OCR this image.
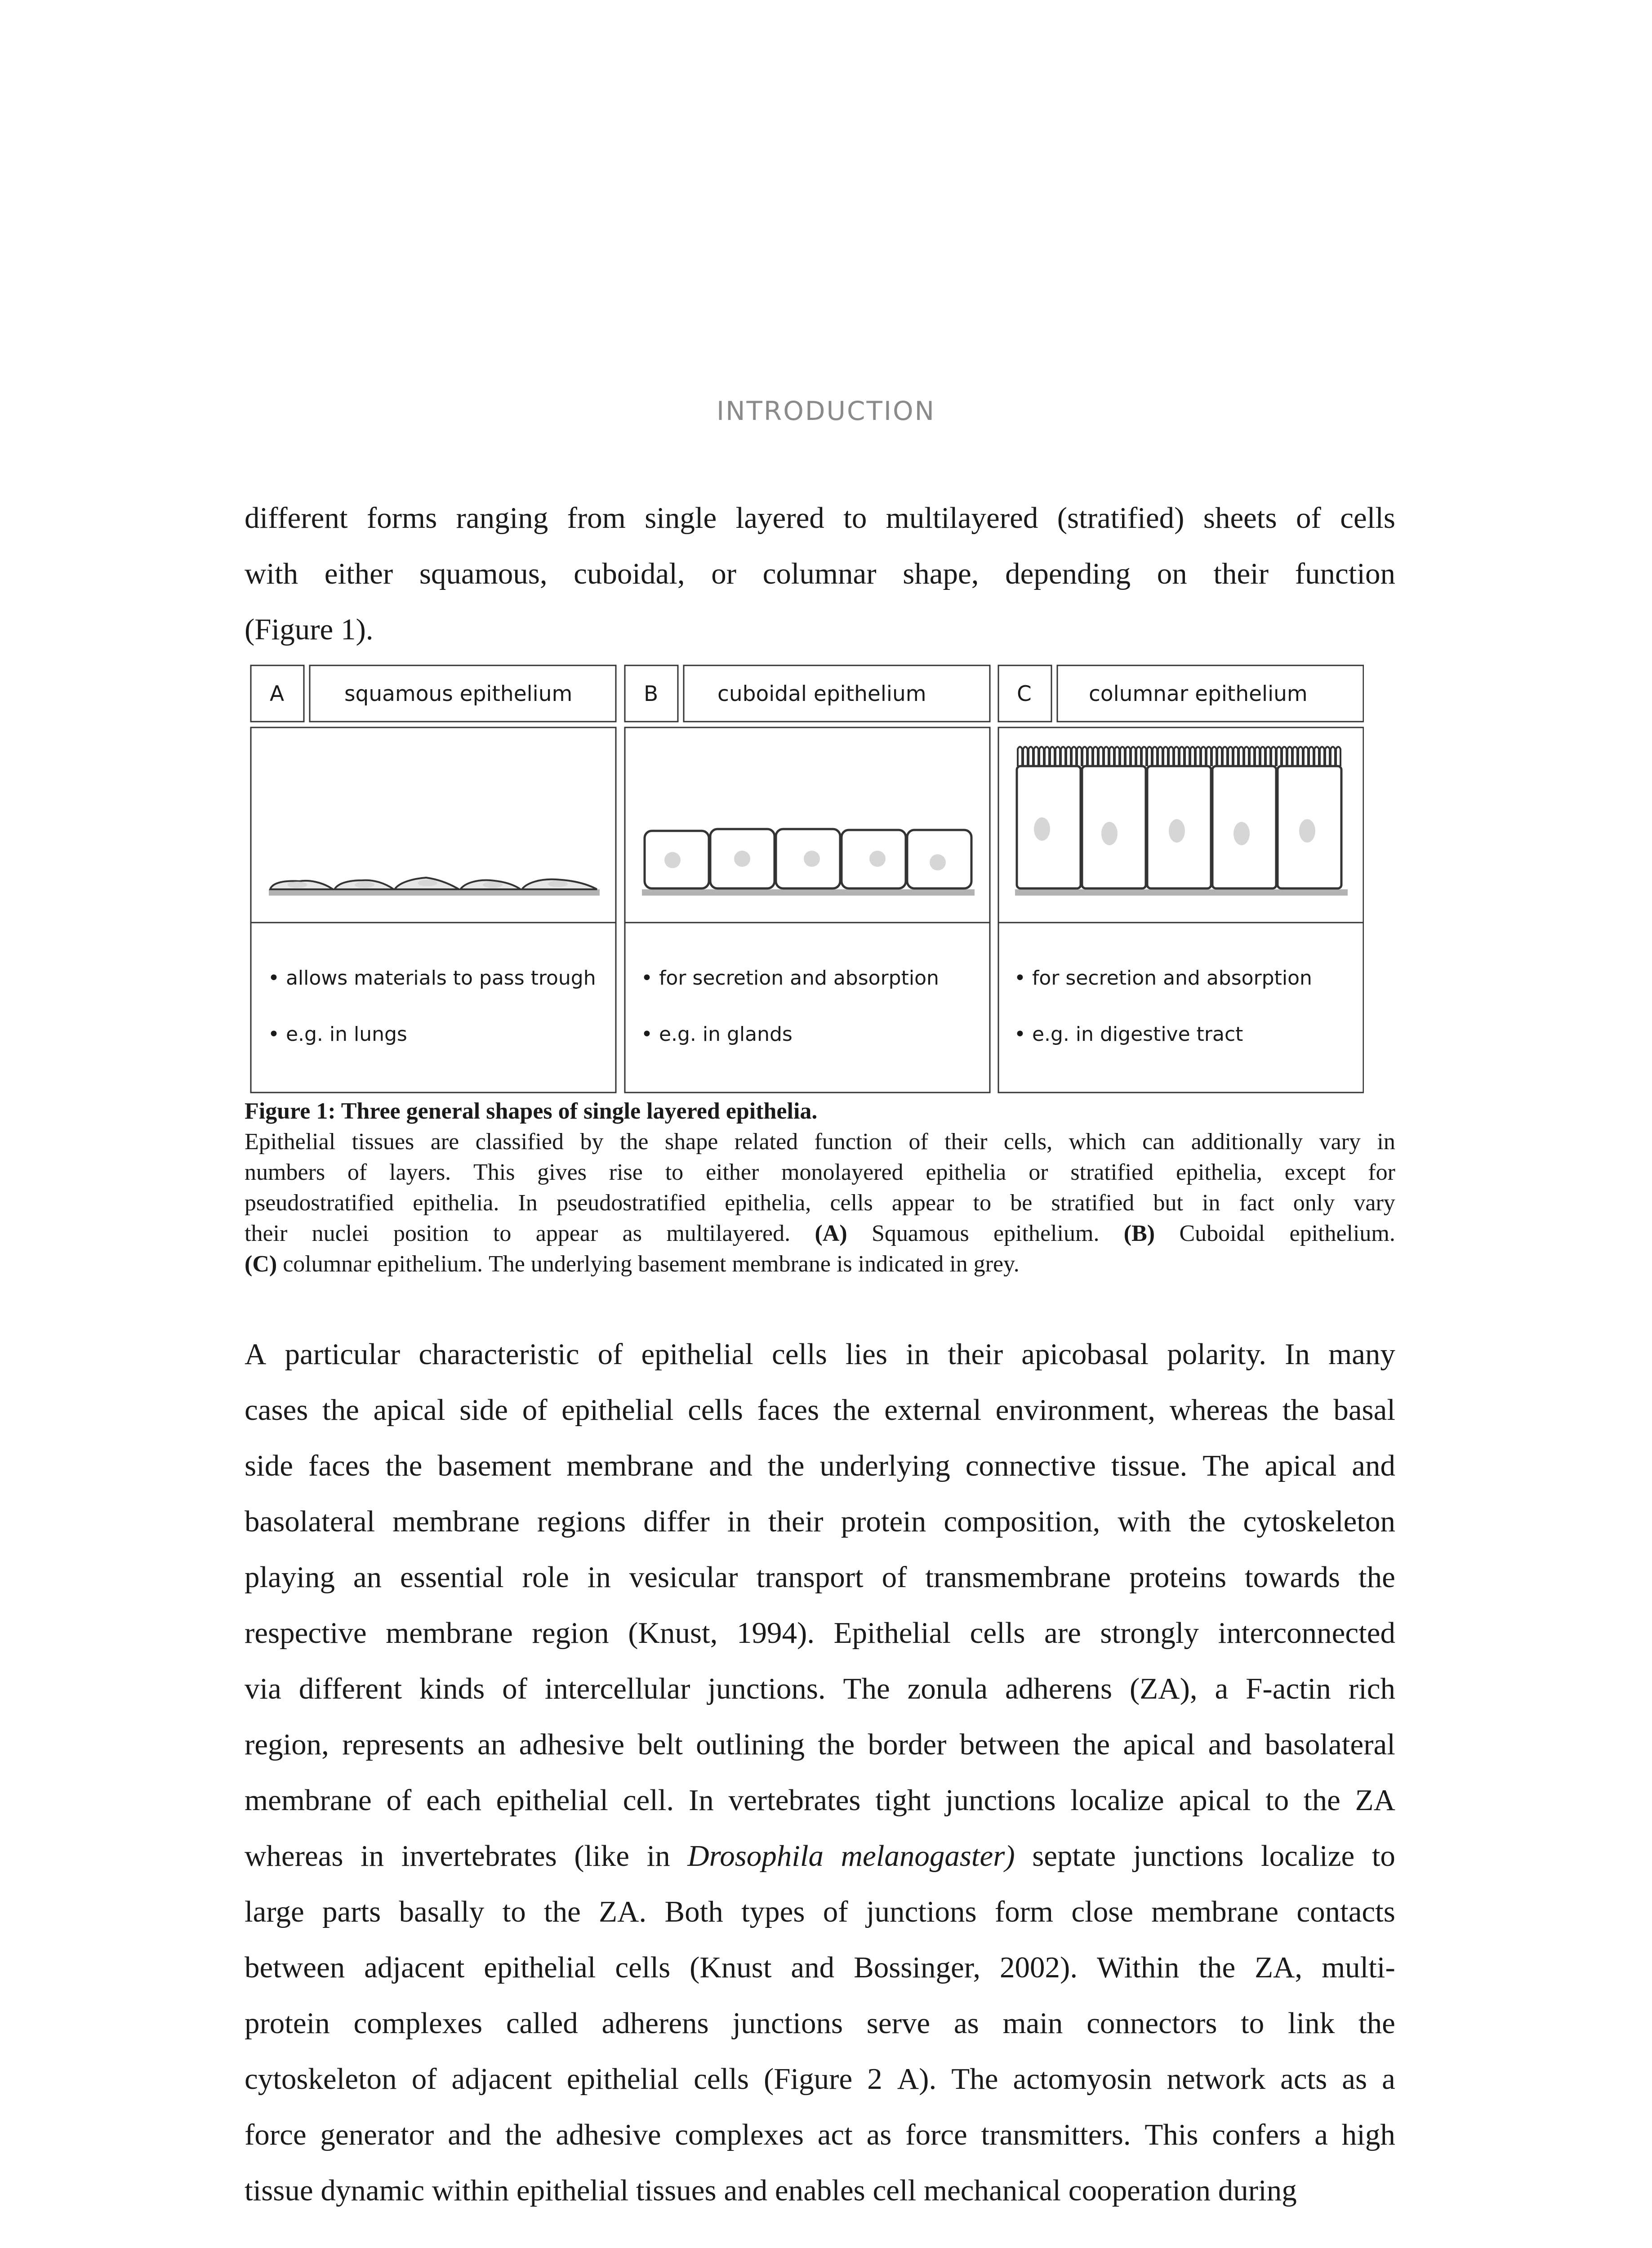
INTRODUCTION
different forms ranging from single layered to multilayered (stratified) sheets of cells
with either squamous, cuboidal, or columnar shape, depending on their function
(Figure 1).
A	squamous epithelium	B	cuboidal epithelium	C	columnar epithelium
• allows materials to pass trough
• e.g. in lungs
• for secretion and absorption
• e.g. in glands
• for secretion and absorption
• e.g. in digestive tract
Figure 1: Three general shapes of single layered epithelia.
Epithelial tissues are classified by the shape related function of their cells, which can additionally vary in
numbers of layers. This gives rise to either monolayered epithelia or stratified epithelia, except for
pseudostratified epithelia. In pseudostratified epithelia, cells appear to be stratified but in fact only vary
their nuclei position to appear as multilayered. (A) Squamous epithelium. (B) Cuboidal epithelium.
(C) columnar epithelium. The underlying basement membrane is indicated in grey.
A particular characteristic of epithelial cells lies in their apicobasal polarity. In many
cases the apical side of epithelial cells faces the external environment, whereas the basal
side faces the basement membrane and the underlying connective tissue. The apical and
basolateral membrane regions differ in their protein composition, with the cytoskeleton
playing an essential role in vesicular transport of transmembrane proteins towards the
respective membrane region (Knust, 1994). Epithelial cells are strongly interconnected
via different kinds of intercellular junctions. The zonula adherens (ZA), a F-actin rich
region, represents an adhesive belt outlining the border between the apical and basolateral
membrane of each epithelial cell. In vertebrates tight junctions localize apical to the ZA
whereas in invertebrates (like in Drosophila melanogaster) septate junctions localize to
large parts basally to the ZA. Both types of junctions form close membrane contacts
between adjacent epithelial cells (Knust and Bossinger, 2002). Within the ZA, multi-
protein complexes called adherens junctions serve as main connectors to link the
cytoskeleton of adjacent epithelial cells (Figure 2 A). The actomyosin network acts as a
force generator and the adhesive complexes act as force transmitters. This confers a high
tissue dynamic within epithelial tissues and enables cell mechanical cooperation during
